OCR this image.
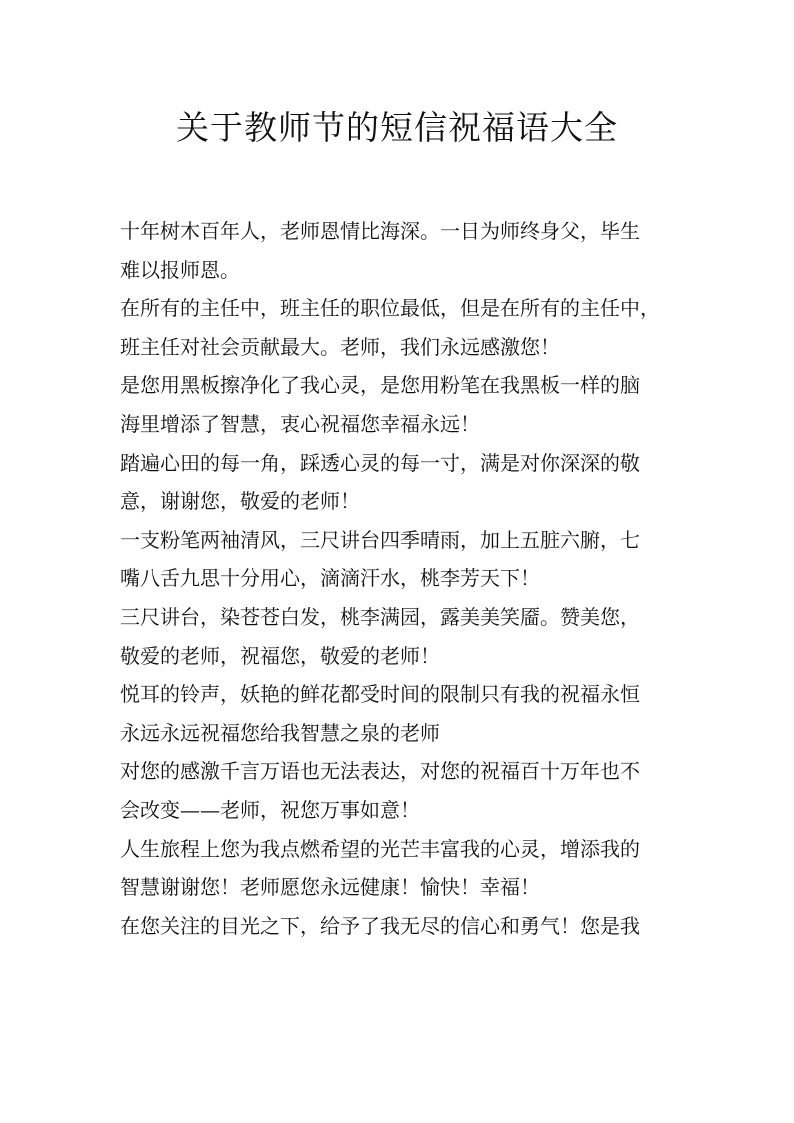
关于教师节的短信祝福语大全
十年树木百年人，老师恩情比海深。一日为师终身父，毕生
难以报师恩。
在所有的主任中，班主任的职位最低，但是在所有的主任中，
班主任对社会贡献最大。老师，我们永远感激您！
是您用黑板擦净化了我心灵，是您用粉笔在我黑板一样的脑
海里增添了智慧，衷心祝福您幸福永远！
踏遍心田的每一角，踩透心灵的每一寸，满是对你深深的敬
意，谢谢您，敬爱的老师！
一支粉笔两袖清风，三尺讲台四季晴雨，加上五脏六腑，七
嘴八舌九思十分用心，滴滴汗水，桃李芳天下！
三尺讲台，染苍苍白发，桃李满园，露美美笑靥。赞美您，
敬爱的老师，祝福您，敬爱的老师！
悦耳的铃声，妖艳的鲜花都受时间的限制只有我的祝福永恒
永远永远祝福您给我智慧之泉的老师
对您的感激千言万语也无法表达，对您的祝福百十万年也不
会改变——老师，祝您万事如意！
人生旅程上您为我点燃希望的光芒丰富我的心灵，增添我的
智慧谢谢您！老师愿您永远健康！愉快！幸福！
在您关注的目光之下，给予了我无尽的信心和勇气！您是我
